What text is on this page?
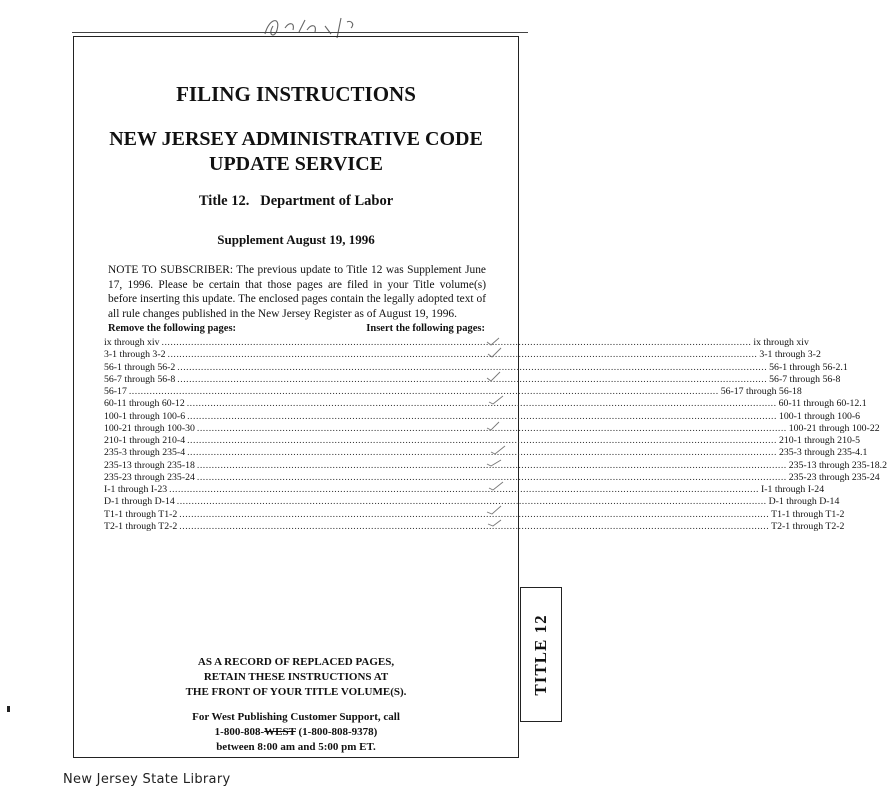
TITLE 12
FILING INSTRUCTIONS
NEW JERSEY ADMINISTRATIVE CODE
UPDATE SERVICE
Title 12.   Department of Labor
Supplement August 19, 1996

NOTE TO SUBSCRIBER: The previous update to Title 12 was Supplement June 17, 1996. Please be certain that those pages are filed in your Title volume(s) before inserting this update. The enclosed pages contain the legally adopted text of all rule changes published in the New Jersey Register as of August 19, 1996.

Remove the following pages:	Insert the following pages:
ix through xiv ........................................................................................................................................................................................................ ix through xiv
3-1 through 3-2 ........................................................................................................................................................................................................ 3-1 through 3-2
56-1 through 56-2 ........................................................................................................................................................................................................ 56-1 through 56-2.1
56-7 through 56-8 ........................................................................................................................................................................................................ 56-7 through 56-8
56-17 ........................................................................................................................................................................................................ 56-17 through 56-18
60-11 through 60-12 ........................................................................................................................................................................................................ 60-11 through 60-12.1
100-1 through 100-6 ........................................................................................................................................................................................................ 100-1 through 100-6
100-21 through 100-30 ........................................................................................................................................................................................................ 100-21 through 100-22
210-1 through 210-4 ........................................................................................................................................................................................................ 210-1 through 210-5
235-3 through 235-4 ........................................................................................................................................................................................................ 235-3 through 235-4.1
235-13 through 235-18 ........................................................................................................................................................................................................ 235-13 through 235-18.2
235-23 through 235-24 ........................................................................................................................................................................................................ 235-23 through 235-24
I-1 through I-23 ........................................................................................................................................................................................................ I-1 through I-24
D-1 through D-14 ........................................................................................................................................................................................................ D-1 through D-14
T1-1 through T1-2 ........................................................................................................................................................................................................ T1-1 through T1-2
T2-1 through T2-2 ........................................................................................................................................................................................................ T2-1 through T2-2
AS A RECORD OF REPLACED PAGES,
RETAIN THESE INSTRUCTIONS AT
THE FRONT OF YOUR TITLE VOLUME(S).
For West Publishing Customer Support, call
1-800-808-WEST (1-800-808-9378)
between 8:00 am and 5:00 pm ET.
New Jersey State Library
